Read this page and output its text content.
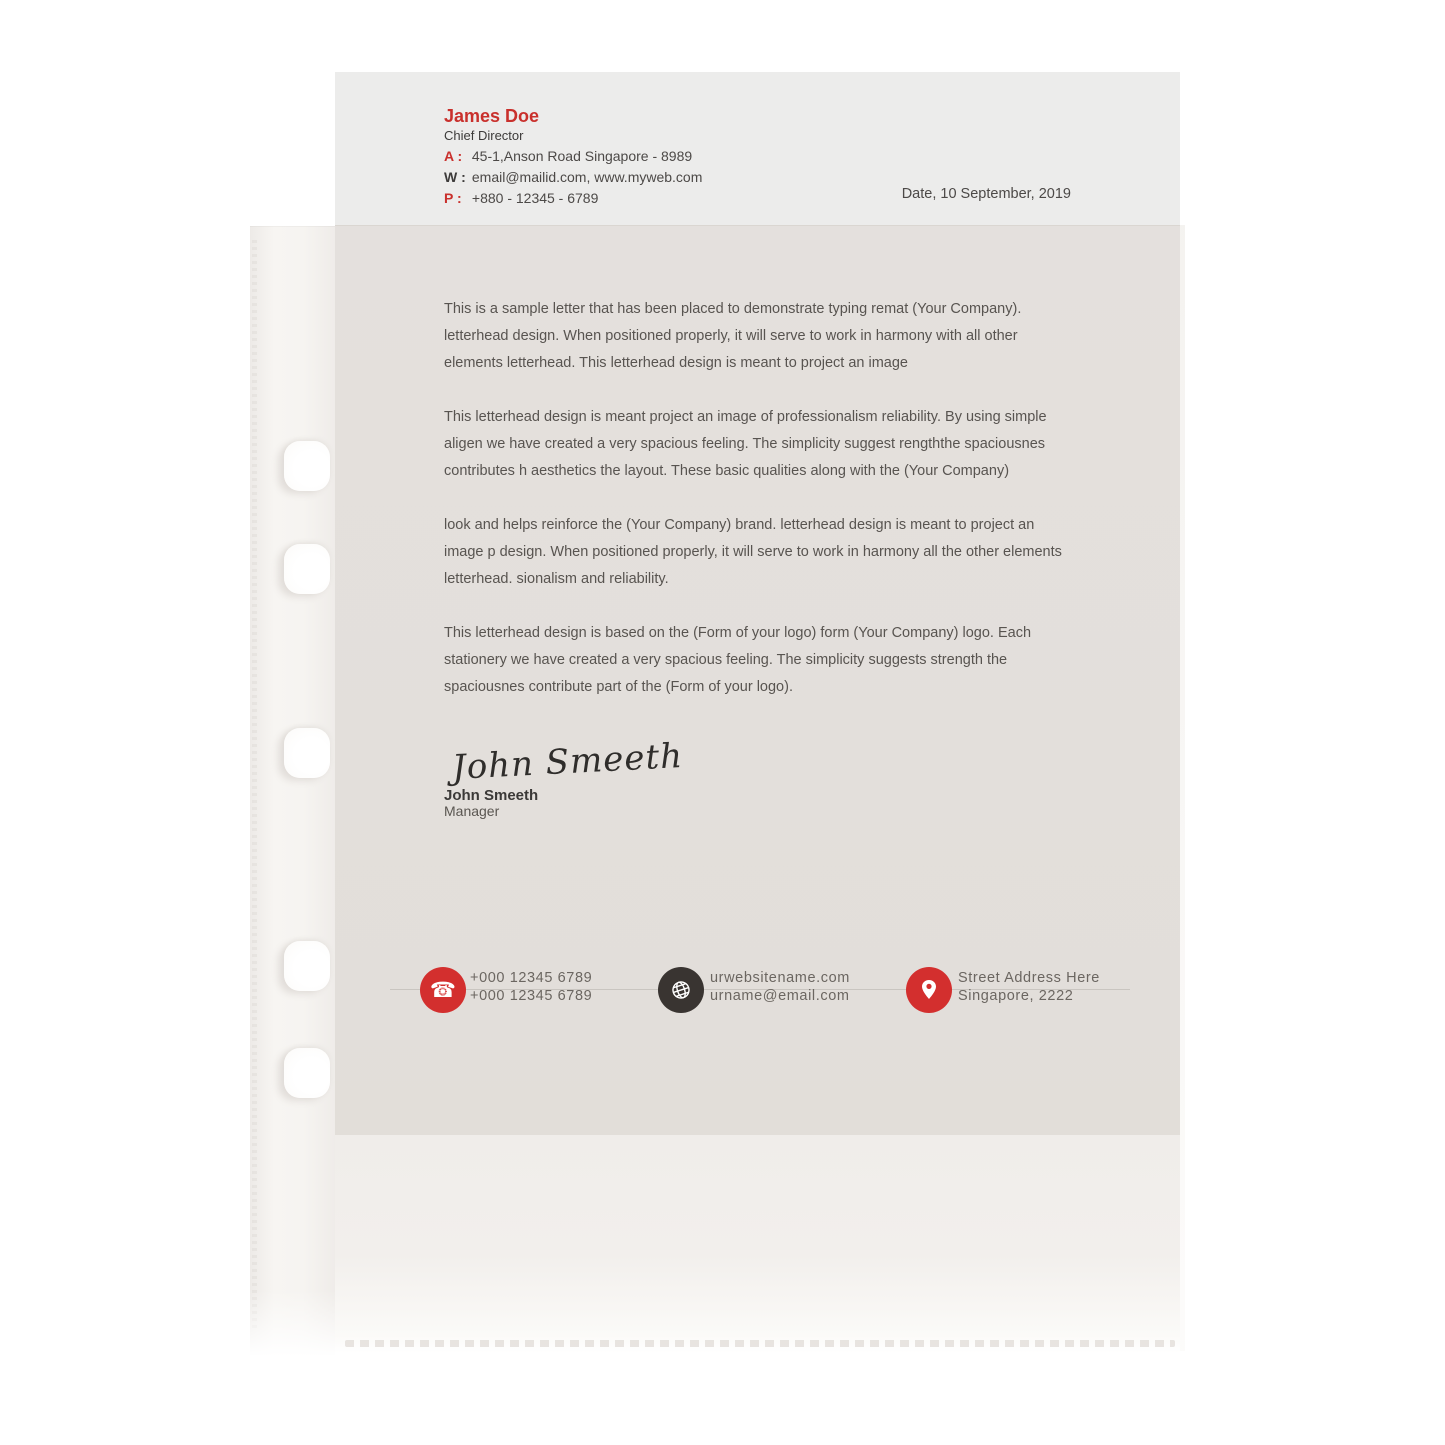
James Doe
Chief Director
A : 45-1,Anson Road Singapore - 8989
W : email@mailid.com, www.myweb.com
P : +880 - 12345 - 6789	Date, 10 September, 2019

This is a sample letter that has been placed to demonstrate typing remat (Your Company). letterhead design. When positioned properly, it will serve to work in harmony with all other elements letterhead. This letterhead design is meant to project an image

This letterhead design is meant project an image of professionalism reliability. By using simple aligen we have created a very spacious feeling. The simplicity suggest rengththe spaciousnes contributes h aesthetics the layout. These basic qualities along with the (Your Company)

look and helps reinforce the (Your Company) brand. letterhead design is meant to project an image p design. When positioned properly, it will serve to work in harmony all the other elements letterhead. sionalism and reliability.

This letterhead design is based on the (Form of your logo) form (Your Company) logo. Each stationery we have created a very spacious feeling. The simplicity suggests strength the spaciousnes contribute part of the (Form of your logo).

John Smeeth
John Smeeth
Manager
☎ +000 12345 6789
+000 12345 6789
urwebsitename.com
urname@email.com
Street Address Here
Singapore, 2222
